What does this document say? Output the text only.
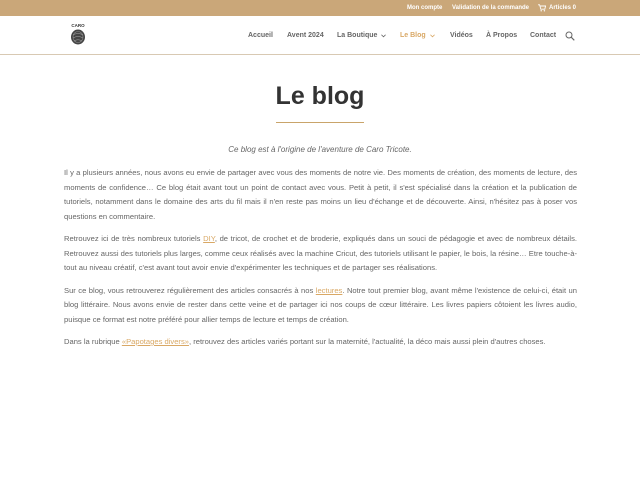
Mon compte Validation de la commande	Articles 0
CARO
Accueil Avent 2024 La Boutique	Le Blog	Vidéos À Propos Contact
Le blog

Ce blog est à l'origine de l'aventure de Caro Tricote.

Il y a plusieurs années, nous avons eu envie de partager avec vous des moments de notre vie. Des moments de création, des moments de lecture, des moments de confidence… Ce blog était avant tout un point de contact avec vous. Petit à petit, il s'est spécialisé dans la création et la publication de tutoriels, notamment dans le domaine des arts du fil mais il n'en reste pas moins un lieu d'échange et de découverte. Ainsi, n'hésitez pas à poser vos questions en commentaire.

Retrouvez ici de très nombreux tutoriels DIY, de tricot, de crochet et de broderie, expliqués dans un souci de pédagogie et avec de nombreux détails. Retrouvez aussi des tutoriels plus larges, comme ceux réalisés avec la machine Cricut, des tutoriels utilisant le papier, le bois, la résine… Etre touche-à-tout au niveau créatif, c'est avant tout avoir envie d'expérimenter les techniques et de partager ses réalisations.

Sur ce blog, vous retrouverez régulièrement des articles consacrés à nos lectures. Notre tout premier blog, avant même l'existence de celui-ci, était un blog littéraire. Nous avons envie de rester dans cette veine et de partager ici nos coups de cœur littéraire. Les livres papiers côtoient les livres audio, puisque ce format est notre préféré pour allier temps de lecture et temps de création.

Dans la rubrique «Papotages divers», retrouvez des articles variés portant sur la maternité, l'actualité, la déco mais aussi plein d'autres choses.
